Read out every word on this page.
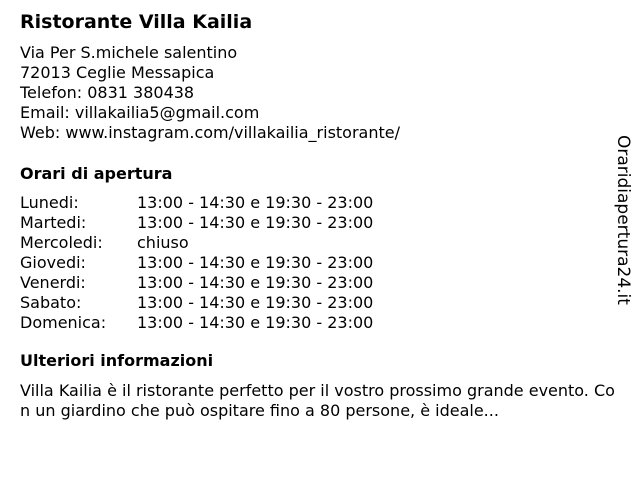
Ristorante Villa Kailia
Via Per S.michele salentino
72013 Ceglie Messapica
Telefon: 0831 380438
Email: villakailia5@gmail.com
Web: www.instagram.com/villakailia_ristorante/
Orari di apertura
Lunedi:	13:00 - 14:30 e 19:30 - 23:00
Martedi:	13:00 - 14:30 e 19:30 - 23:00
Mercoledi:	chiuso
Giovedi:	13:00 - 14:30 e 19:30 - 23:00
Venerdi:	13:00 - 14:30 e 19:30 - 23:00
Sabato:	13:00 - 14:30 e 19:30 - 23:00
Domenica:	13:00 - 14:30 e 19:30 - 23:00
Ulteriori informazioni
Villa Kailia è il ristorante perfetto per il vostro prossimo grande evento. Con un giardino che può ospitare fino a 80 persone, è ideale...
Oraridiapertura24.it
